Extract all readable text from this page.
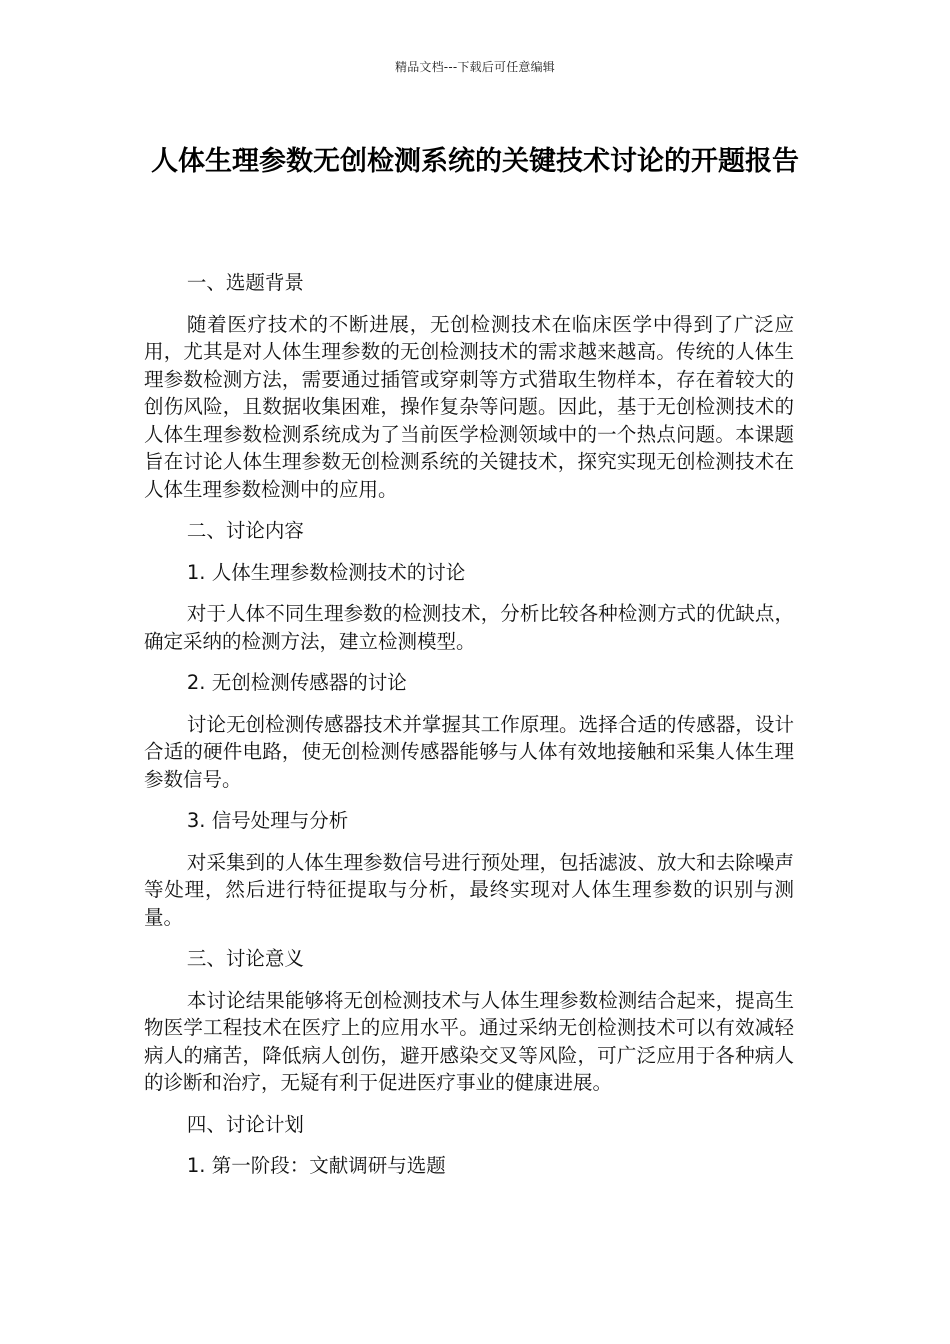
精品文档---下载后可任意编辑
人体生理参数无创检测系统的关键技术讨论的开题报告

一、选题背景

随着医疗技术的不断进展，无创检测技术在临床医学中得到了广泛应用，尤其是对人体生理参数的无创检测技术的需求越来越高。传统的人体生理参数检测方法，需要通过插管或穿刺等方式猎取生物样本，存在着较大的创伤风险，且数据收集困难，操作复杂等问题。因此，基于无创检测技术的人体生理参数检测系统成为了当前医学检测领域中的一个热点问题。本课题旨在讨论人体生理参数无创检测系统的关键技术，探究实现无创检测技术在人体生理参数检测中的应用。

二、讨论内容

1. 人体生理参数检测技术的讨论

对于人体不同生理参数的检测技术，分析比较各种检测方式的优缺点，确定采纳的检测方法，建立检测模型。

2. 无创检测传感器的讨论

讨论无创检测传感器技术并掌握其工作原理。选择合适的传感器，设计合适的硬件电路，使无创检测传感器能够与人体有效地接触和采集人体生理参数信号。

3. 信号处理与分析

对采集到的人体生理参数信号进行预处理，包括滤波、放大和去除噪声等处理，然后进行特征提取与分析，最终实现对人体生理参数的识别与测量。

三、讨论意义

本讨论结果能够将无创检测技术与人体生理参数检测结合起来，提高生物医学工程技术在医疗上的应用水平。通过采纳无创检测技术可以有效减轻病人的痛苦，降低病人创伤，避开感染交叉等风险，可广泛应用于各种病人的诊断和治疗，无疑有利于促进医疗事业的健康进展。

四、讨论计划

1. 第一阶段：文献调研与选题
